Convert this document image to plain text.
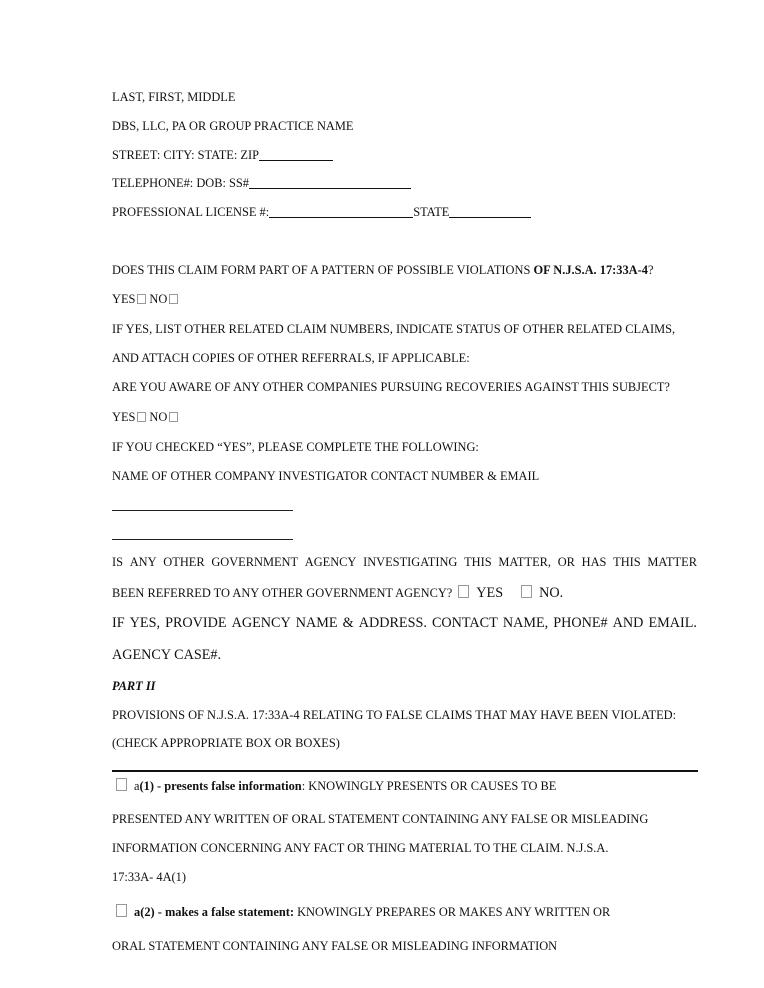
LAST, FIRST, MIDDLE
DBS, LLC, PA OR GROUP PRACTICE NAME
STREET: CITY: STATE: ZIP
TELEPHONE#: DOB: SS#
PROFESSIONAL LICENSE #:	STATE
DOES THIS CLAIM FORM PART OF A PATTERN OF POSSIBLE VIOLATIONS OF N.J.S.A. 17:33A-4?
YES NO
IF YES, LIST OTHER RELATED CLAIM NUMBERS, INDICATE STATUS OF OTHER RELATED CLAIMS,
AND ATTACH COPIES OF OTHER REFERRALS, IF APPLICABLE:
ARE YOU AWARE OF ANY OTHER COMPANIES PURSUING RECOVERIES AGAINST THIS SUBJECT?
YES NO
IF YOU CHECKED “YES”, PLEASE COMPLETE THE FOLLOWING:
NAME OF OTHER COMPANY INVESTIGATOR CONTACT NUMBER & EMAIL
IS ANY OTHER GOVERNMENT AGENCY INVESTIGATING THIS MATTER, OR HAS THIS MATTER
BEEN REFERRED TO ANY OTHER GOVERNMENT AGENCY? YES	NO.
IF YES, PROVIDE AGENCY NAME & ADDRESS. CONTACT NAME, PHONE# AND EMAIL.
AGENCY CASE#.
PART II
PROVISIONS OF N.J.S.A. 17:33A-4 RELATING TO FALSE CLAIMS THAT MAY HAVE BEEN VIOLATED:
(CHECK APPROPRIATE BOX OR BOXES)
a(1) - presents false information: KNOWINGLY PRESENTS OR CAUSES TO BE
PRESENTED ANY WRITTEN OF ORAL STATEMENT CONTAINING ANY FALSE OR MISLEADING
INFORMATION CONCERNING ANY FACT OR THING MATERIAL TO THE CLAIM. N.J.S.A.
17:33A- 4A(1)
a(2) - makes a false statement: KNOWINGLY PREPARES OR MAKES ANY WRITTEN OR
ORAL STATEMENT CONTAINING ANY FALSE OR MISLEADING INFORMATION
